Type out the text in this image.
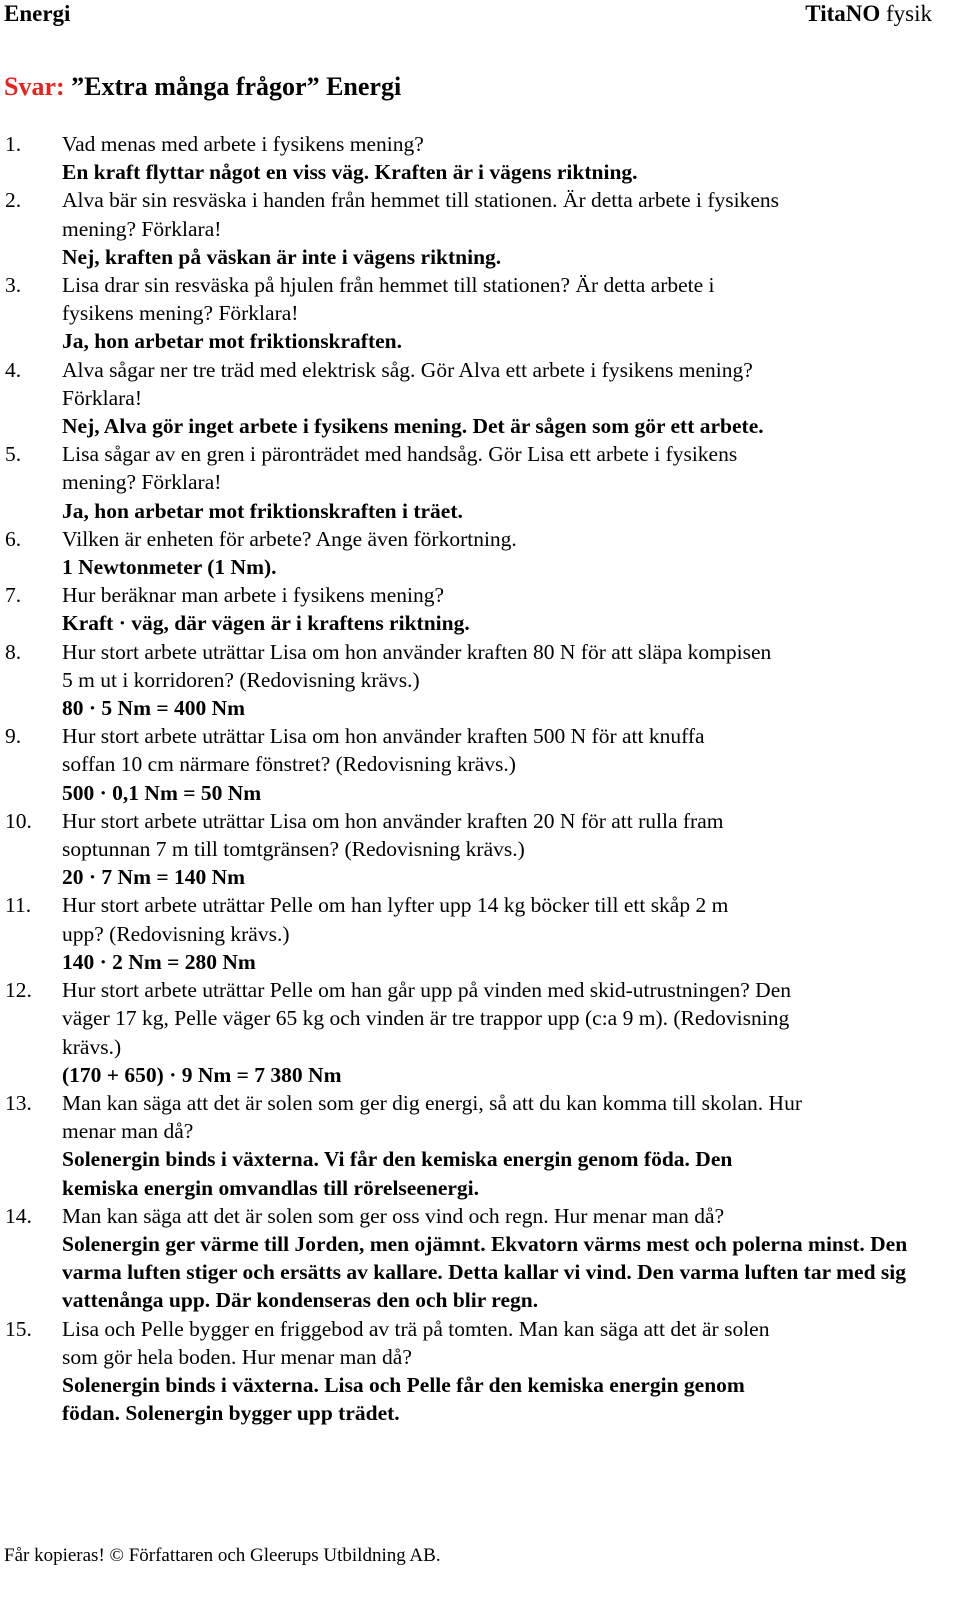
Energi	TitaNO fysik
Svar: ”Extra många frågor” Energi
1. Vad menas med arbete i fysikens mening?
En kraft flyttar något en viss väg. Kraften är i vägens riktning.
2. Alva bär sin resväska i handen från hemmet till stationen. Är detta arbete i fysikens mening? Förklara!
Nej, kraften på väskan är inte i vägens riktning.
3. Lisa drar sin resväska på hjulen från hemmet till stationen? Är detta arbete i fysikens mening? Förklara!
Ja, hon arbetar mot friktionskraften.
4. Alva sågar ner tre träd med elektrisk såg. Gör Alva ett arbete i fysikens mening? Förklara!
Nej, Alva gör inget arbete i fysikens mening. Det är sågen som gör ett arbete.
5. Lisa sågar av en gren i päronträdet med handsåg. Gör Lisa ett arbete i fysikens mening? Förklara!
Ja, hon arbetar mot friktionskraften i träet.
6. Vilken är enheten för arbete? Ange även förkortning.
1 Newtonmeter (1 Nm).
7. Hur beräknar man arbete i fysikens mening?
Kraft · väg, där vägen är i kraftens riktning.
8. Hur stort arbete uträttar Lisa om hon använder kraften 80 N för att släpa kompisen 5 m ut i korridoren? (Redovisning krävs.)
80 · 5 Nm = 400 Nm
9. Hur stort arbete uträttar Lisa om hon använder kraften 500 N för att knuffa soffan 10 cm närmare fönstret? (Redovisning krävs.)
500 · 0,1 Nm = 50 Nm
10. Hur stort arbete uträttar Lisa om hon använder kraften 20 N för att rulla fram soptunnan 7 m till tomtgränsen? (Redovisning krävs.)
20 · 7 Nm = 140 Nm
11. Hur stort arbete uträttar Pelle om han lyfter upp 14 kg böcker till ett skåp 2 m upp? (Redovisning krävs.)
140 · 2 Nm = 280 Nm
12. Hur stort arbete uträttar Pelle om han går upp på vinden med skid-utrustningen? Den väger 17 kg, Pelle väger 65 kg och vinden är tre trappor upp (c:a 9 m). (Redovisning krävs.)
(170 + 650) · 9 Nm = 7 380 Nm
13. Man kan säga att det är solen som ger dig energi, så att du kan komma till skolan. Hur menar man då?
Solenergin binds i växterna. Vi får den kemiska energin genom föda. Den kemiska energin omvandlas till rörelseenergi.
14. Man kan säga att det är solen som ger oss vind och regn. Hur menar man då?
Solenergin ger värme till Jorden, men ojämnt. Ekvatorn värms mest och polerna minst. Den varma luften stiger och ersätts av kallare. Detta kallar vi vind. Den varma luften tar med sig vattenånga upp. Där kondenseras den och blir regn.
15. Lisa och Pelle bygger en friggebod av trä på tomten. Man kan säga att det är solen som gör hela boden. Hur menar man då?
Solenergin binds i växterna. Lisa och Pelle får den kemiska energin genom födan. Solenergin bygger upp trädet.
Får kopieras! © Författaren och Gleerups Utbildning AB.
